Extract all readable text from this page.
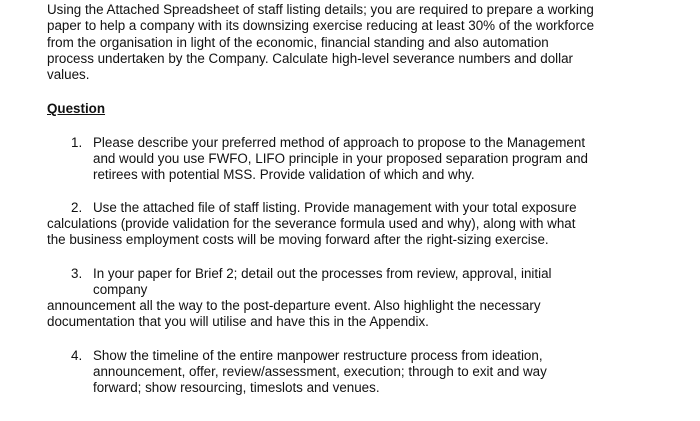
Using the Attached Spreadsheet of staff listing details; you are required to prepare a working
paper to help a company with its downsizing exercise reducing at least 30% of the workforce
from the organisation in light of the economic, financial standing and also automation
process undertaken by the Company. Calculate high-level severance numbers and dollar
values.
Question
1. Please describe your preferred method of approach to propose to the Management
and would you use FWFO, LIFO principle in your proposed separation program and
retirees with potential MSS. Provide validation of which and why.
2. Use the attached file of staff listing. Provide management with your total exposure
calculations (provide validation for the severance formula used and why), along with what
the business employment costs will be moving forward after the right-sizing exercise.
3. In your paper for Brief 2; detail out the processes from review, approval, initial
company
announcement all the way to the post-departure event. Also highlight the necessary
documentation that you will utilise and have this in the Appendix.
4. Show the timeline of the entire manpower restructure process from ideation,
announcement, offer, review/assessment, execution; through to exit and way
forward; show resourcing, timeslots and venues.
